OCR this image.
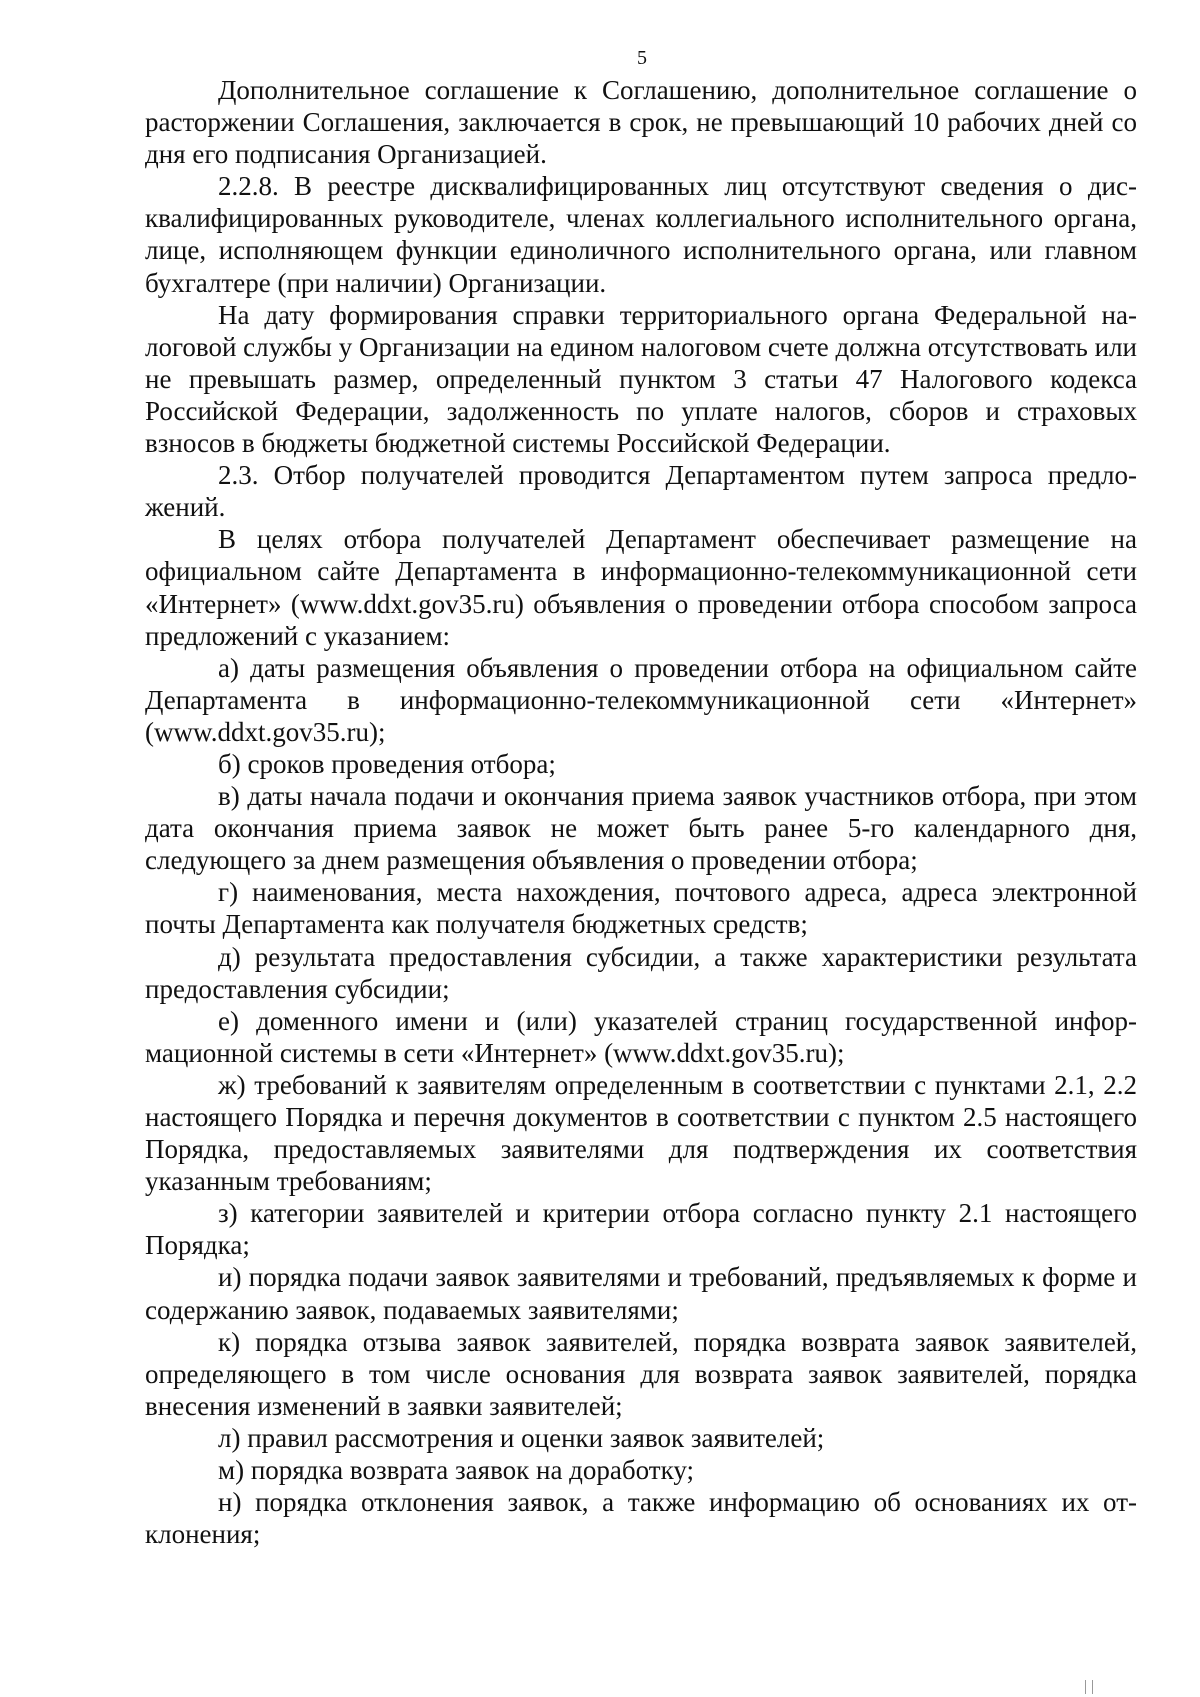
5

Дополнительное соглашение к Соглашению, дополнительное соглашение о расторжении Соглашения, заключается в срок, не превышающий 10 рабочих дней со дня его подписания Организацией.

2.2.8. В реестре дисквалифицированных лиц отсутствуют сведения о дисквалифицированных руководителе, членах коллегиального исполнительного органа, лице, исполняющем функции единоличного исполнительного органа, или главном бухгалтере (при наличии) Организации.

На дату формирования справки территориального органа Федеральной налоговой службы у Организации на едином налоговом счете должна отсутствовать или не превышать размер, определенный пунктом 3 статьи 47 Налогового кодекса Российской Федерации, задолженность по уплате налогов, сборов и страховых взносов в бюджеты бюджетной системы Российской Федерации.

2.3. Отбор получателей проводится Департаментом путем запроса предложений.

В целях отбора получателей Департамент обеспечивает размещение на официальном сайте Департамента в информационно-телекоммуникационной сети «Интернет» (www.ddxt.gov35.ru) объявления о проведении отбора способом запроса предложений с указанием:

а) даты размещения объявления о проведении отбора на официальном сайте Департамента в информационно-телекоммуникационной сети «Интернет» (www.ddxt.gov35.ru);

б) сроков проведения отбора;

в) даты начала подачи и окончания приема заявок участников отбора, при этом дата окончания приема заявок не может быть ранее 5-го календарного дня, следующего за днем размещения объявления о проведении отбора;

г) наименования, места нахождения, почтового адреса, адреса электронной почты Департамента как получателя бюджетных средств;

д) результата предоставления субсидии, а также характеристики результата предоставления субсидии;

е) доменного имени и (или) указателей страниц государственной информационной системы в сети «Интернет» (www.ddxt.gov35.ru);

ж) требований к заявителям определенным в соответствии с пунктами 2.1, 2.2 настоящего Порядка и перечня документов в соответствии с пунктом 2.5 настоящего Порядка, предоставляемых заявителями для подтверждения их соответствия указанным требованиям;

з) категории заявителей и критерии отбора согласно пункту 2.1 настоящего Порядка;

и) порядка подачи заявок заявителями и требований, предъявляемых к форме и содержанию заявок, подаваемых заявителями;

к) порядка отзыва заявок заявителей, порядка возврата заявок заявителей, определяющего в том числе основания для возврата заявок заявителей, порядка внесения изменений в заявки заявителей;

л) правил рассмотрения и оценки заявок заявителей;

м) порядка возврата заявок на доработку;

н) порядка отклонения заявок, а также информацию об основаниях их отклонения;
